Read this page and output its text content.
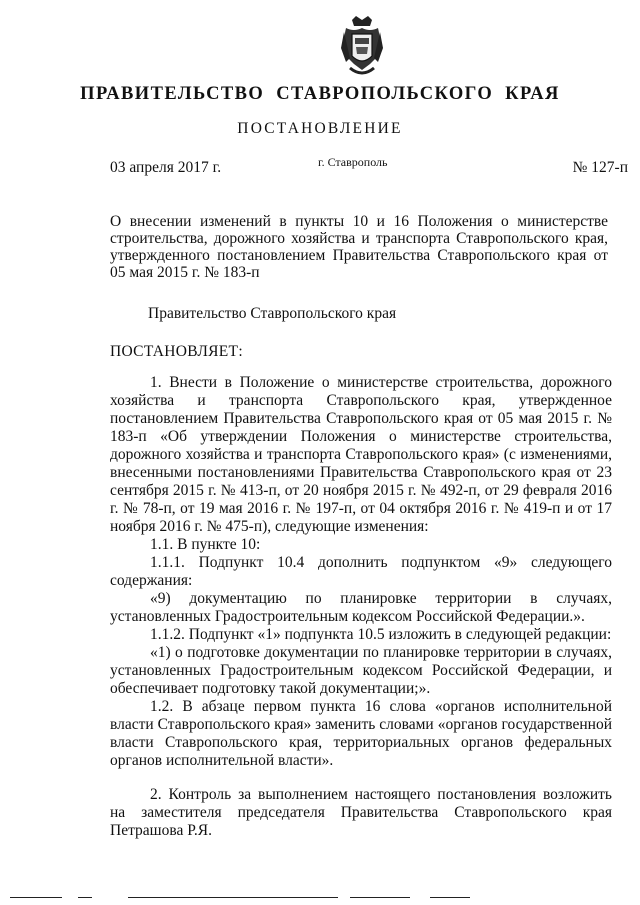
ПРАВИТЕЛЬСТВО СТАВРОПОЛЬСКОГО КРАЯ
ПОСТАНОВЛЕНИЕ
03 апреля 2017 г.	г. Ставрополь	№ 127-п
О внесении изменений в пункты 10 и 16 Положения о министерстве строительства, дорожного хозяйства и транспорта Ставропольского края, утвержденного постановлением Правительства Ставропольского края от 05 мая 2015 г. № 183-п
Правительство Ставропольского края
ПОСТАНОВЛЯЕТ:

1. Внести в Положение о министерстве строительства, дорожного хозяйства и транспорта Ставропольского края, утвержденное постановлением Правительства Ставропольского края от 05 мая 2015 г. № 183-п «Об утверждении Положения о министерстве строительства, дорожного хозяйства и транспорта Ставропольского края» (с изменениями, внесенными постановлениями Правительства Ставропольского края от 23 сентября 2015 г. № 413-п, от 20 ноября 2015 г. № 492-п, от 29 февраля 2016 г. № 78-п, от 19 мая 2016 г. № 197-п, от 04 октября 2016 г. № 419-п и от 17 ноября 2016 г. № 475-п), следующие изменения:

1.1. В пункте 10:

1.1.1. Подпункт 10.4 дополнить подпунктом «9» следующего содержания:

«9) документацию по планировке территории в случаях, установленных Градостроительным кодексом Российской Федерации.».

1.1.2. Подпункт «1» подпункта 10.5 изложить в следующей редакции:

«1) о подготовке документации по планировке территории в случаях, установленных Градостроительным кодексом Российской Федерации, и обеспечивает подготовку такой документации;».

1.2. В абзаце первом пункта 16 слова «органов исполнительной власти Ставропольского края» заменить словами «органов государственной власти Ставропольского края, территориальных органов федеральных органов исполнительной власти».

2. Контроль за выполнением настоящего постановления возложить на заместителя председателя Правительства Ставропольского края Петрашова Р.Я.
